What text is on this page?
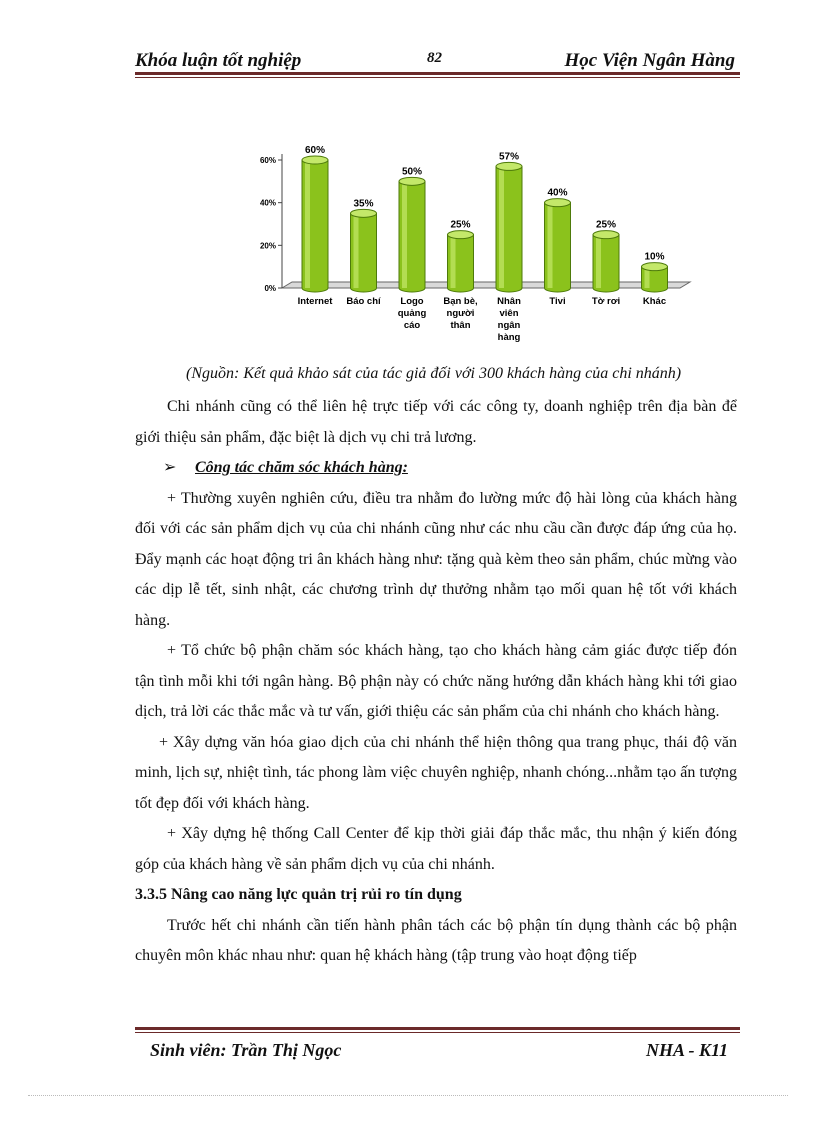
Khóa luận tốt nghiệp	82	Học Viện Ngân Hàng
0%
20%
40%
60%
60%
Internet
35%
Báo chí
50%
Logo
quảng
cáo
25%
Bạn bè,
người
thân
57%
Nhân
viên
ngân
hàng
40%
Tivi
25%
Tờ rơi
10%
Khác
(Nguồn: Kết quả khảo sát của tác giả đối với 300 khách hàng của chi nhánh)

Chi nhánh cũng có thể liên hệ trực tiếp với các công ty, doanh nghiệp trên địa bàn để giới thiệu sản phẩm, đặc biệt là dịch vụ chi trả lương.

➢ Công tác chăm sóc khách hàng:

+ Thường xuyên nghiên cứu, điều tra nhằm đo lường mức độ hài lòng của khách hàng đối với các sản phẩm dịch vụ của chi nhánh cũng như các nhu cầu cần được đáp ứng của họ. Đẩy mạnh các hoạt động tri ân khách hàng như: tặng quà kèm theo sản phẩm, chúc mừng vào các dịp lễ tết, sinh nhật, các chương trình dự thưởng nhằm tạo mối quan hệ tốt với khách hàng.

+ Tổ chức bộ phận chăm sóc khách hàng, tạo cho khách hàng cảm giác được tiếp đón tận tình mỗi khi tới ngân hàng. Bộ phận này có chức năng hướng dẫn khách hàng khi tới giao dịch, trả lời các thắc mắc và tư vấn, giới thiệu các sản phẩm của chi nhánh cho khách hàng.

+ Xây dựng văn hóa giao dịch của chi nhánh thể hiện thông qua trang phục, thái độ văn minh, lịch sự, nhiệt tình, tác phong làm việc chuyên nghiệp, nhanh chóng...nhằm tạo ấn tượng tốt đẹp đối với khách hàng.

+ Xây dựng hệ thống Call Center để kịp thời giải đáp thắc mắc, thu nhận ý kiến đóng góp của khách hàng về sản phẩm dịch vụ của chi nhánh.

3.3.5 Nâng cao năng lực quản trị rủi ro tín dụng

Trước hết chi nhánh cần tiến hành phân tách các bộ phận tín dụng thành các bộ phận chuyên môn khác nhau như: quan hệ khách hàng (tập trung vào hoạt động tiếp

Sinh viên: Trần Thị Ngọc	NHA - K11
